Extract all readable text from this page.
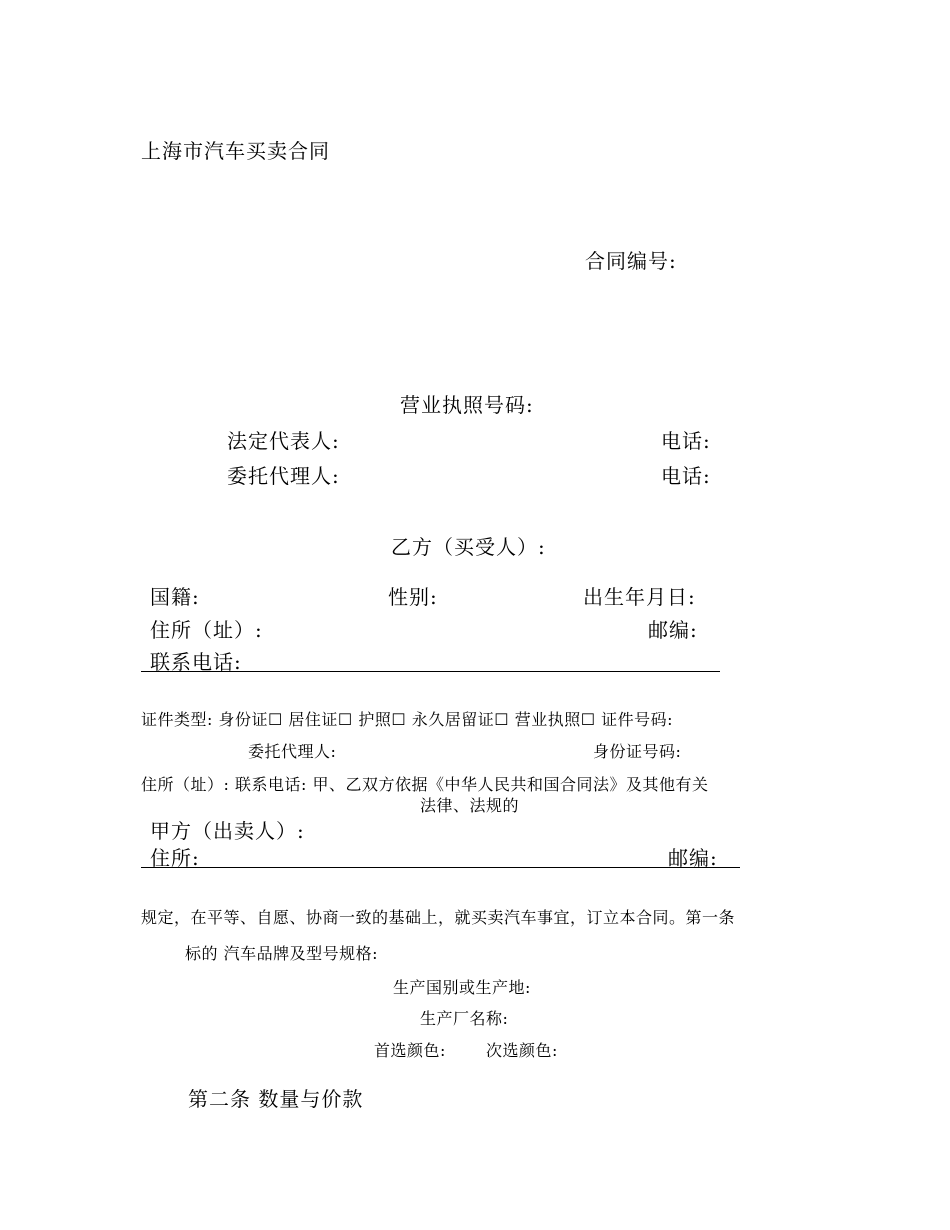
上海市汽车买卖合同
合同编号:
营业执照号码:
法定代表人:	电话:
委托代理人:	电话:
乙方（买受人）:
国籍:	性别:	出生年月日:
住所（址）:	邮编:
联系电话:
证件类型: 身份证☐ 居住证☐ 护照☐ 永久居留证☐ 营业执照☐ 证件号码:
委托代理人:	身份证号码:
住所（址）: 联系电话: 甲、乙双方依据《中华人民共和国合同法》及其他有关
法律、法规的
甲方（出卖人）:
住所:	邮编:
规定，在平等、自愿、协商一致的基础上，就买卖汽车事宜，订立本合同。第一条
标的 汽车品牌及型号规格:
生产国别或生产地:
生产厂名称:
首选颜色:	次选颜色:
第二条 数量与价款
